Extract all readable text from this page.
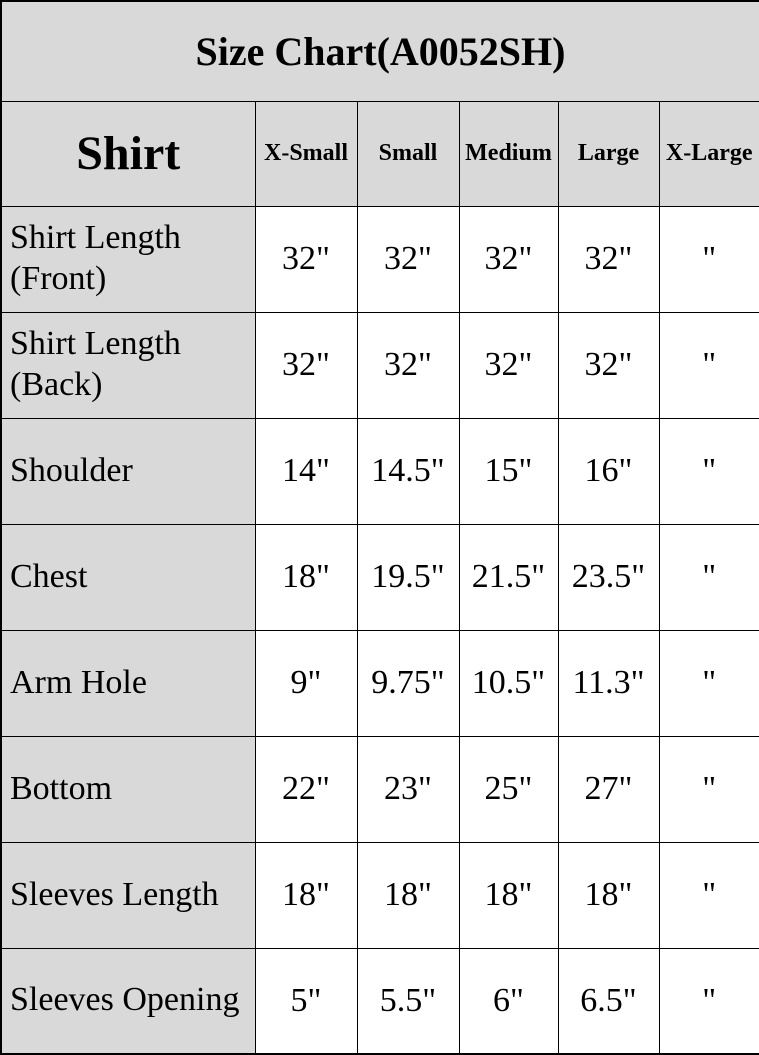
Size Chart(A0052SH)					
Shirt	X-Small	Small	Medium	Large	X-Large
Shirt Length (Front)	32"	32"	32"	32"	"
Shirt Length (Back)	32"	32"	32"	32"	"
Shoulder	14"	14.5"	15"	16"	"
Chest	18"	19.5"	21.5"	23.5"	"
Arm Hole	9"	9.75"	10.5"	11.3"	"
Bottom	22"	23"	25"	27"	"
Sleeves Length	18"	18"	18"	18"	"
Sleeves Opening	5"	5.5"	6"	6.5"	"
